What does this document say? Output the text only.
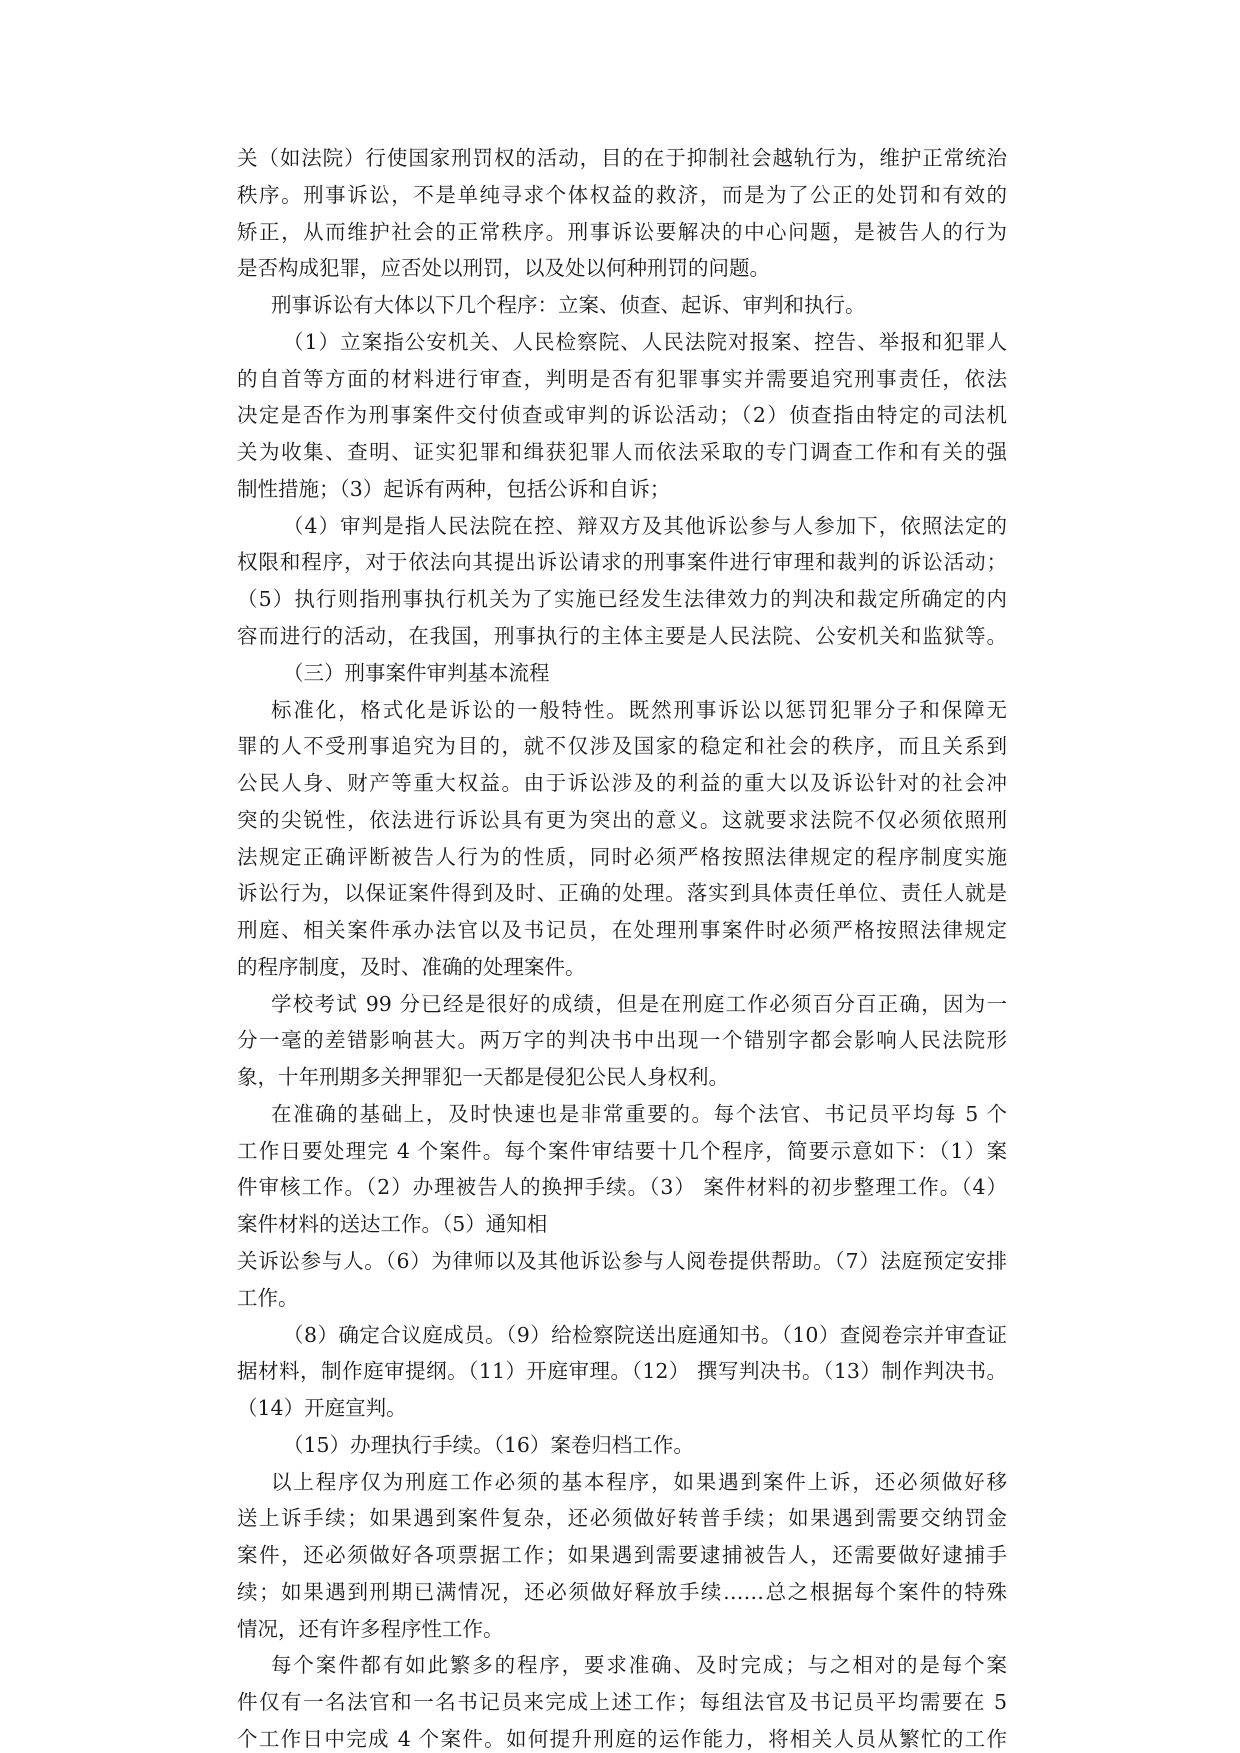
关（如法院）行使国家刑罚权的活动，目的在于抑制社会越轨行为，维护正常统治
秩序。刑事诉讼，不是单纯寻求个体权益的救济，而是为了公正的处罚和有效的
矫正，从而维护社会的正常秩序。刑事诉讼要解决的中心问题，是被告人的行为
是否构成犯罪，应否处以刑罚，以及处以何种刑罚的问题。
刑事诉讼有大体以下几个程序：立案、侦查、起诉、审判和执行。
（1）立案指公安机关、人民检察院、人民法院对报案、控告、举报和犯罪人
的自首等方面的材料进行审查，判明是否有犯罪事实并需要追究刑事责任，依法
决定是否作为刑事案件交付侦查或审判的诉讼活动；（2）侦查指由特定的司法机
关为收集、查明、证实犯罪和缉获犯罪人而依法采取的专门调查工作和有关的强
制性措施；（3）起诉有两种，包括公诉和自诉；
（4）审判是指人民法院在控、辩双方及其他诉讼参与人参加下，依照法定的
权限和程序，对于依法向其提出诉讼请求的刑事案件进行审理和裁判的诉讼活动；
（5）执行则指刑事执行机关为了实施已经发生法律效力的判决和裁定所确定的内
容而进行的活动，在我国，刑事执行的主体主要是人民法院、公安机关和监狱等。
（三）刑事案件审判基本流程
标准化，格式化是诉讼的一般特性。既然刑事诉讼以惩罚犯罪分子和保障无
罪的人不受刑事追究为目的，就不仅涉及国家的稳定和社会的秩序，而且关系到
公民人身、财产等重大权益。由于诉讼涉及的利益的重大以及诉讼针对的社会冲
突的尖锐性，依法进行诉讼具有更为突出的意义。这就要求法院不仅必须依照刑
法规定正确评断被告人行为的性质，同时必须严格按照法律规定的程序制度实施
诉讼行为，以保证案件得到及时、正确的处理。落实到具体责任单位、责任人就是
刑庭、相关案件承办法官以及书记员，在处理刑事案件时必须严格按照法律规定
的程序制度，及时、准确的处理案件。
学校考试 99 分已经是很好的成绩，但是在刑庭工作必须百分百正确，因为一
分一毫的差错影响甚大。两万字的判决书中出现一个错别字都会影响人民法院形
象，十年刑期多关押罪犯一天都是侵犯公民人身权利。
在准确的基础上，及时快速也是非常重要的。每个法官、书记员平均每 5 个
工作日要处理完 4 个案件。每个案件审结要十几个程序，简要示意如下：（1）案
件审核工作。（2）办理被告人的换押手续。（3） 案件材料的初步整理工作。（4）
案件材料的送达工作。（5）通知相
关诉讼参与人。（6）为律师以及其他诉讼参与人阅卷提供帮助。（7）法庭预定安排
工作。
（8）确定合议庭成员。（9）给检察院送出庭通知书。（10）查阅卷宗并审查证
据材料，制作庭审提纲。（11）开庭审理。（12） 撰写判决书。（13）制作判决书。
（14）开庭宣判。
（15）办理执行手续。（16）案卷归档工作。
以上程序仅为刑庭工作必须的基本程序，如果遇到案件上诉，还必须做好移
送上诉手续；如果遇到案件复杂，还必须做好转普手续；如果遇到需要交纳罚金
案件，还必须做好各项票据工作；如果遇到需要逮捕被告人，还需要做好逮捕手
续；如果遇到刑期已满情况，还必须做好释放手续……总之根据每个案件的特殊
情况，还有许多程序性工作。
每个案件都有如此繁多的程序，要求准确、及时完成；与之相对的是每个案
件仅有一名法官和一名书记员来完成上述工作；每组法官及书记员平均需要在 5
个工作日中完成 4 个案件。如何提升刑庭的运作能力，将相关人员从繁忙的工作
